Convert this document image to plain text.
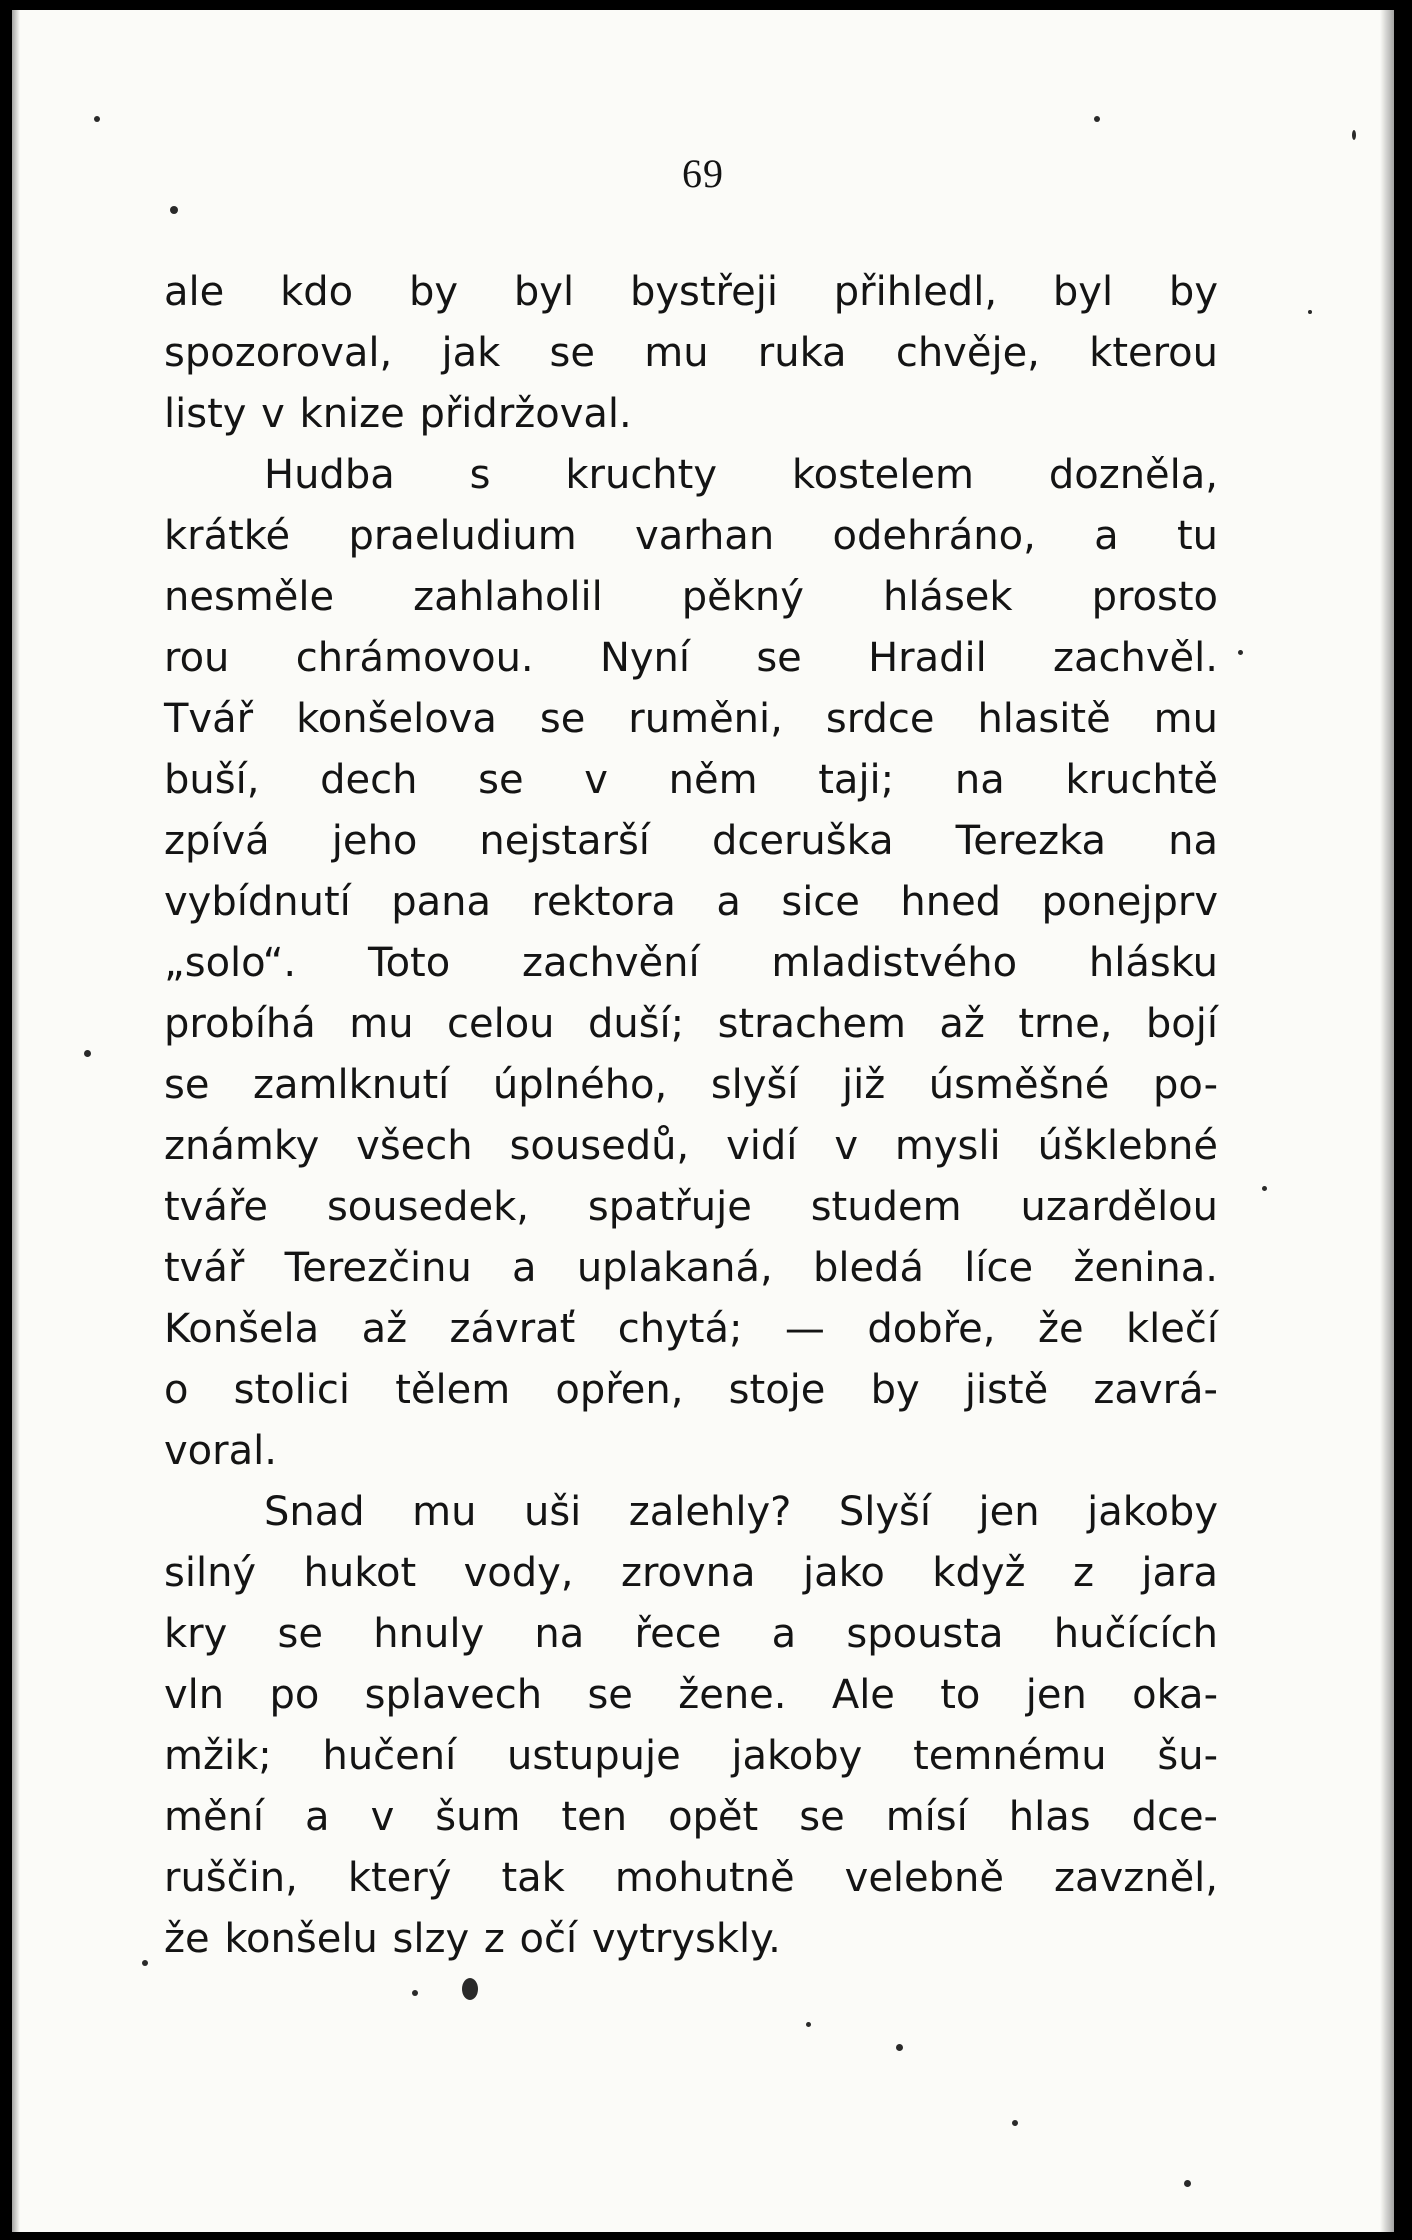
69
ale kdo by byl bystřeji přihledl, byl by
spozoroval, jak se mu ruka chvěje, kterou
listy v knize přidržoval.
Hudba s kruchty kostelem dozněla,
krátké praeludium varhan odehráno, a tu
nesměle zahlaholil pěkný hlásek prosto
rou chrámovou. Nyní se Hradil zachvěl.
Tvář konšelova se ruměni, srdce hlasitě mu
buší, dech se v něm taji; na kruchtě
zpívá jeho nejstarší dceruška Terezka na
vybídnutí pana rektora a sice hned ponejprv
„solo“. Toto zachvění mladistvého hlásku
probíhá mu celou duší; strachem až trne, bojí
se zamlknutí úplného, slyší již úsměšné po-
známky všech sousedů, vidí v mysli úšklebné
tváře sousedek, spatřuje studem uzardělou
tvář Terezčinu a uplakaná, bledá líce ženina.
Konšela až závrať chytá; — dobře, že klečí
o stolici tělem opřen, stoje by jistě zavrá-
voral.
Snad mu uši zalehly? Slyší jen jakoby
silný hukot vody, zrovna jako když z jara
kry se hnuly na řece a spousta hučících
vln po splavech se žene. Ale to jen oka-
mžik; hučení ustupuje jakoby temnému šu-
mění a v šum ten opět se mísí hlas dce-
ruščin, který tak mohutně velebně zavzněl,
že konšelu slzy z očí vytryskly.
